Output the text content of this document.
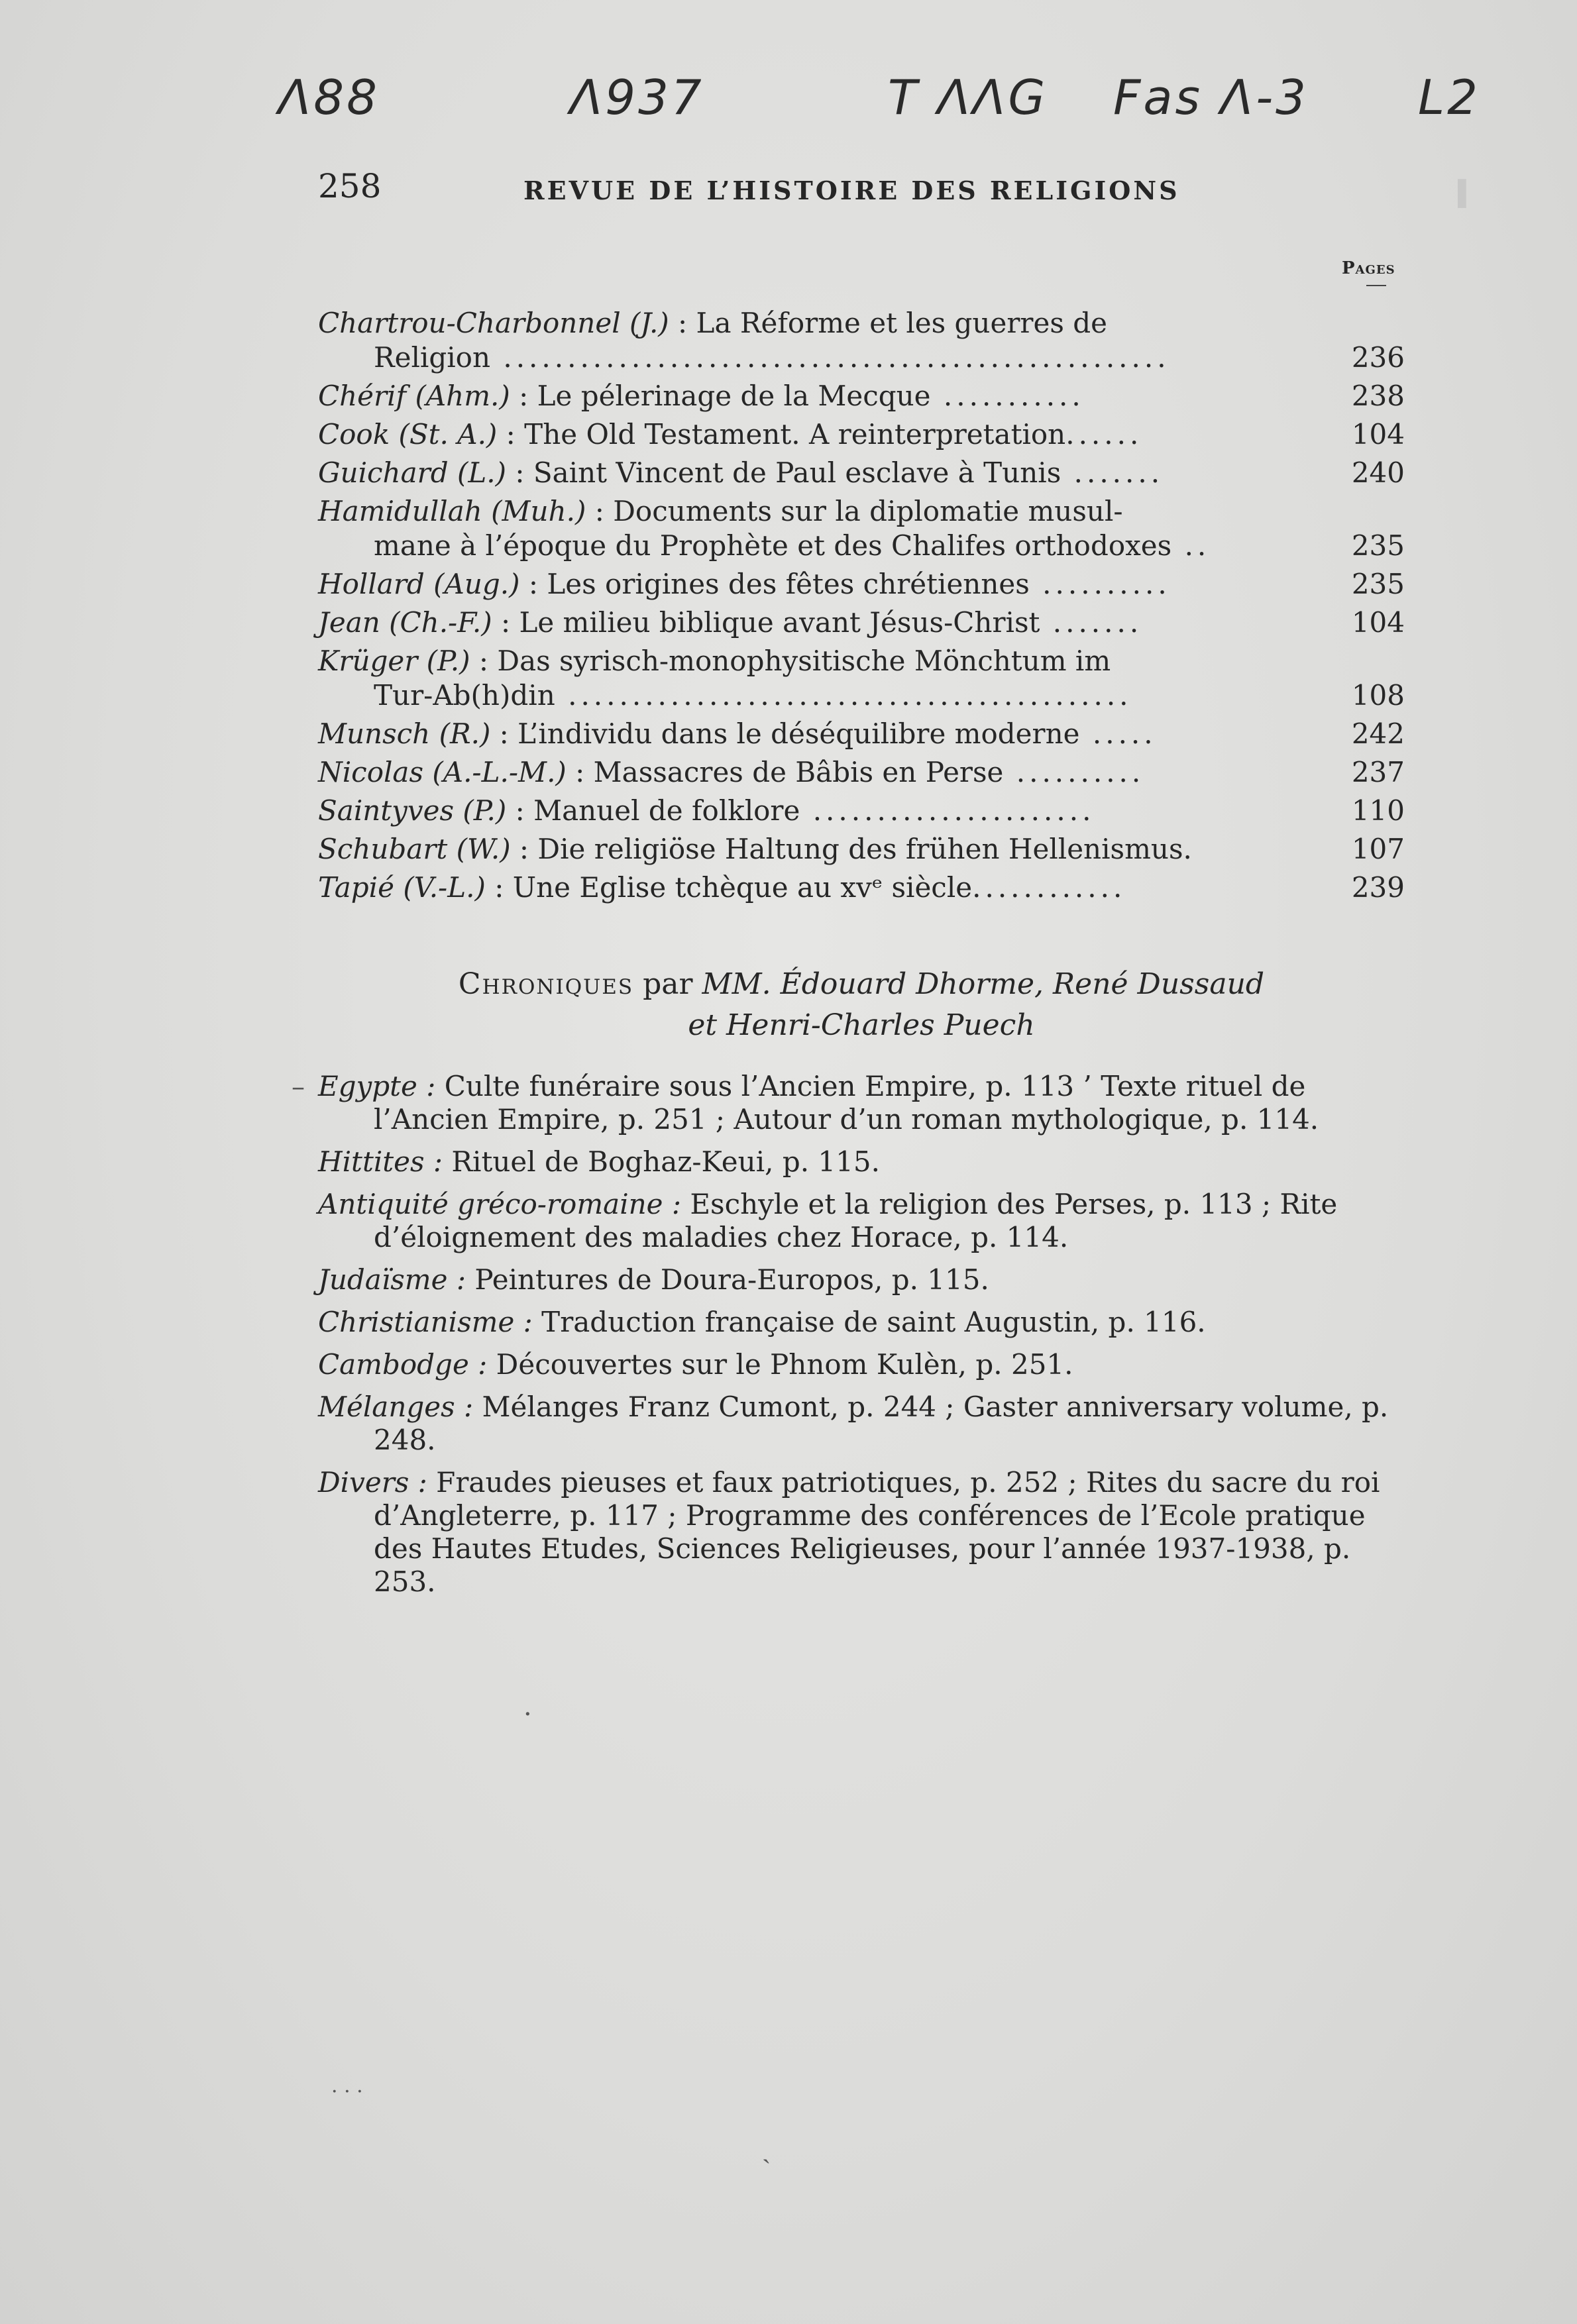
▌
Λ88	Λ937	T ΛΛG Fas Λ-3 L2
258	REVUE DE L’HISTOIRE DES RELIGIONS
Pages
Chartrou-Charbonnel (J.) : La Réforme et les guerres de
Religion ....................................................	236
Chérif (Ahm.) : Le pélerinage de la Mecque ...........	238
Cook (St. A.) : The Old Testament. A reinterpretation......	104
Guichard (L.) : Saint Vincent de Paul esclave à Tunis .......	240
Hamidullah (Muh.) : Documents sur la diplomatie musul-
mane à l’époque du Prophète et des Chalifes orthodoxes ..	235
Hollard (Aug.) : Les origines des fêtes chrétiennes ..........	235
Jean (Ch.-F.) : Le milieu biblique avant Jésus-Christ .......	104
Krüger (P.) : Das syrisch-monophysitische Mönchtum im
Tur-Ab(h)din ............................................	108
Munsch (R.) : L’individu dans le déséquilibre moderne .....	242
Nicolas (A.-L.-M.) : Massacres de Bâbis en Perse ..........	237
Saintyves (P.) : Manuel de folklore ......................	110
Schubart (W.) : Die religiöse Haltung des frühen Hellenismus.	107
Tapié (V.-L.) : Une Eglise tchèque au xvᵉ siècle............	239
Chroniques par MM. Édouard Dhorme, René Dussaud
et Henri-Charles Puech
– Egypte : Culte funéraire sous l’Ancien Empire, p. 113 ’ Texte rituel de l’Ancien Empire, p. 251 ; Autour d’un roman mythologique, p. 114.
Hittites : Rituel de Boghaz-Keui, p. 115.
Antiquité gréco-romaine : Eschyle et la religion des Perses, p. 113 ; Rite d’éloignement des maladies chez Horace, p. 114.
Judaïsme : Peintures de Doura-Europos, p. 115.
Christianisme : Traduction française de saint Augustin, p. 116.
Cambodge : Découvertes sur le Phnom Kulèn, p. 251.
Mélanges : Mélanges Franz Cumont, p. 244 ; Gaster anniversary volume, p. 248.
Divers : Fraudes pieuses et faux patriotiques, p. 252 ; Rites du sacre du roi d’Angleterre, p. 117 ; Programme des conférences de l’Ecole pratique des Hautes Etudes, Sciences Religieuses, pour l’année 1937-1938, p. 253.
·
· · ·
ˎ
